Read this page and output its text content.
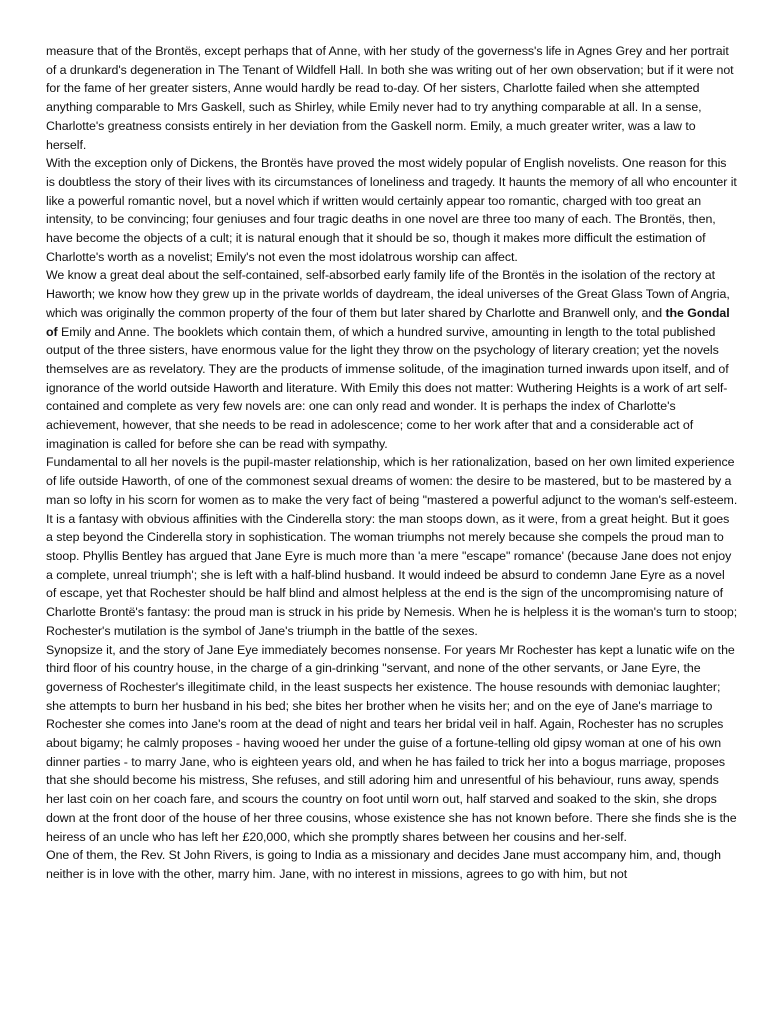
measure that of the Brontës, except perhaps that of Anne, with her study of the governess's life in Agnes Grey and her portrait of a drunkard's degeneration in The Tenant of Wildfell Hall. In both she was writing out of her own observation; but if it were not for the fame of her greater sisters, Anne would hardly be read to-day. Of her sisters, Charlotte failed when she attempted anything comparable to Mrs Gaskell, such as Shirley, while Emily never had to try anything comparable at all. In a sense, Charlotte's greatness consists entirely in her deviation from the Gaskell norm. Emily, a much greater writer, was a law to herself.

With the exception only of Dickens, the Brontës have proved the most widely popular of English novelists. One reason for this is doubtless the story of their lives with its circumstances of loneliness and tragedy. It haunts the memory of all who encounter it like a powerful romantic novel, but a novel which if written would certainly appear too romantic, charged with too great an intensity, to be convincing; four geniuses and four tragic deaths in one novel are three too many of each. The Brontës, then, have become the objects of a cult; it is natural enough that it should be so, though it makes more difficult the estimation of Charlotte's worth as a novelist; Emily's not even the most idolatrous worship can affect.

We know a great deal about the self-contained, self-absorbed early family life of the Brontës in the isolation of the rectory at Haworth; we know how they grew up in the private worlds of daydream, the ideal universes of the Great Glass Town of Angria, which was originally the common property of the four of them but later shared by Charlotte and Branwell only, and the Gondal of Emily and Anne. The booklets which contain them, of which a hundred survive, amounting in length to the total published output of the three sisters, have enormous value for the light they throw on the psychology of literary creation; yet the novels themselves are as revelatory. They are the products of immense solitude, of the imagination turned inwards upon itself, and of ignorance of the world outside Haworth and literature. With Emily this does not matter: Wuthering Heights is a work of art self-contained and complete as very few novels are: one can only read and wonder. It is perhaps the index of Charlotte's achievement, however, that she needs to be read in adolescence; come to her work after that and a considerable act of imagination is called for before she can be read with sympathy.

Fundamental to all her novels is the pupil-master relationship, which is her rationalization, based on her own limited experience of life outside Haworth, of one of the commonest sexual dreams of women: the desire to be mastered, but to be mastered by a man so lofty in his scorn for women as to make the very fact of being "mastered a powerful adjunct to the woman's self-esteem. It is a fantasy with obvious affinities with the Cinderella story: the man stoops down, as it were, from a great height. But it goes a step beyond the Cinderella story in sophistication. The woman triumphs not merely because she compels the proud man to stoop. Phyllis Bentley has argued that Jane Eyre is much more than 'a mere "escape" romance' (because Jane does not enjoy a complete, unreal triumph'; she is left with a half-blind husband. It would indeed be absurd to condemn Jane Eyre as a novel of escape, yet that Rochester should be half blind and almost helpless at the end is the sign of the uncompromising nature of Charlotte Brontë's fantasy: the proud man is struck in his pride by Nemesis. When he is helpless it is the woman's turn to stoop; Rochester's mutilation is the symbol of Jane's triumph in the battle of the sexes.

Synopsize it, and the story of Jane Eye immediately becomes nonsense. For years Mr Rochester has kept a lunatic wife on the third floor of his country house, in the charge of a gin-drinking "servant, and none of the other servants, or Jane Eyre, the governess of Rochester's illegitimate child, in the least suspects her existence. The house resounds with demoniac laughter; she attempts to burn her husband in his bed; she bites her brother when he visits her; and on the eye of Jane's marriage to Rochester she comes into Jane's room at the dead of night and tears her bridal veil in half. Again, Rochester has no scruples about bigamy; he calmly proposes - having wooed her under the guise of a fortune-telling old gipsy woman at one of his own dinner parties - to marry Jane, who is eighteen years old, and when he has failed to trick her into a bogus marriage, proposes that she should become his mistress, She refuses, and still adoring him and unresentful of his behaviour, runs away, spends her last coin on her coach fare, and scours the country on foot until worn out, half starved and soaked to the skin, she drops down at the front door of the house of her three cousins, whose existence she has not known before. There she finds she is the heiress of an uncle who has left her £20,000, which she promptly shares between her cousins and her-self.

One of them, the Rev. St John Rivers, is going to India as a missionary and decides Jane must accompany him, and, though neither is in love with the other, marry him. Jane, with no interest in missions, agrees to go with him, but not
